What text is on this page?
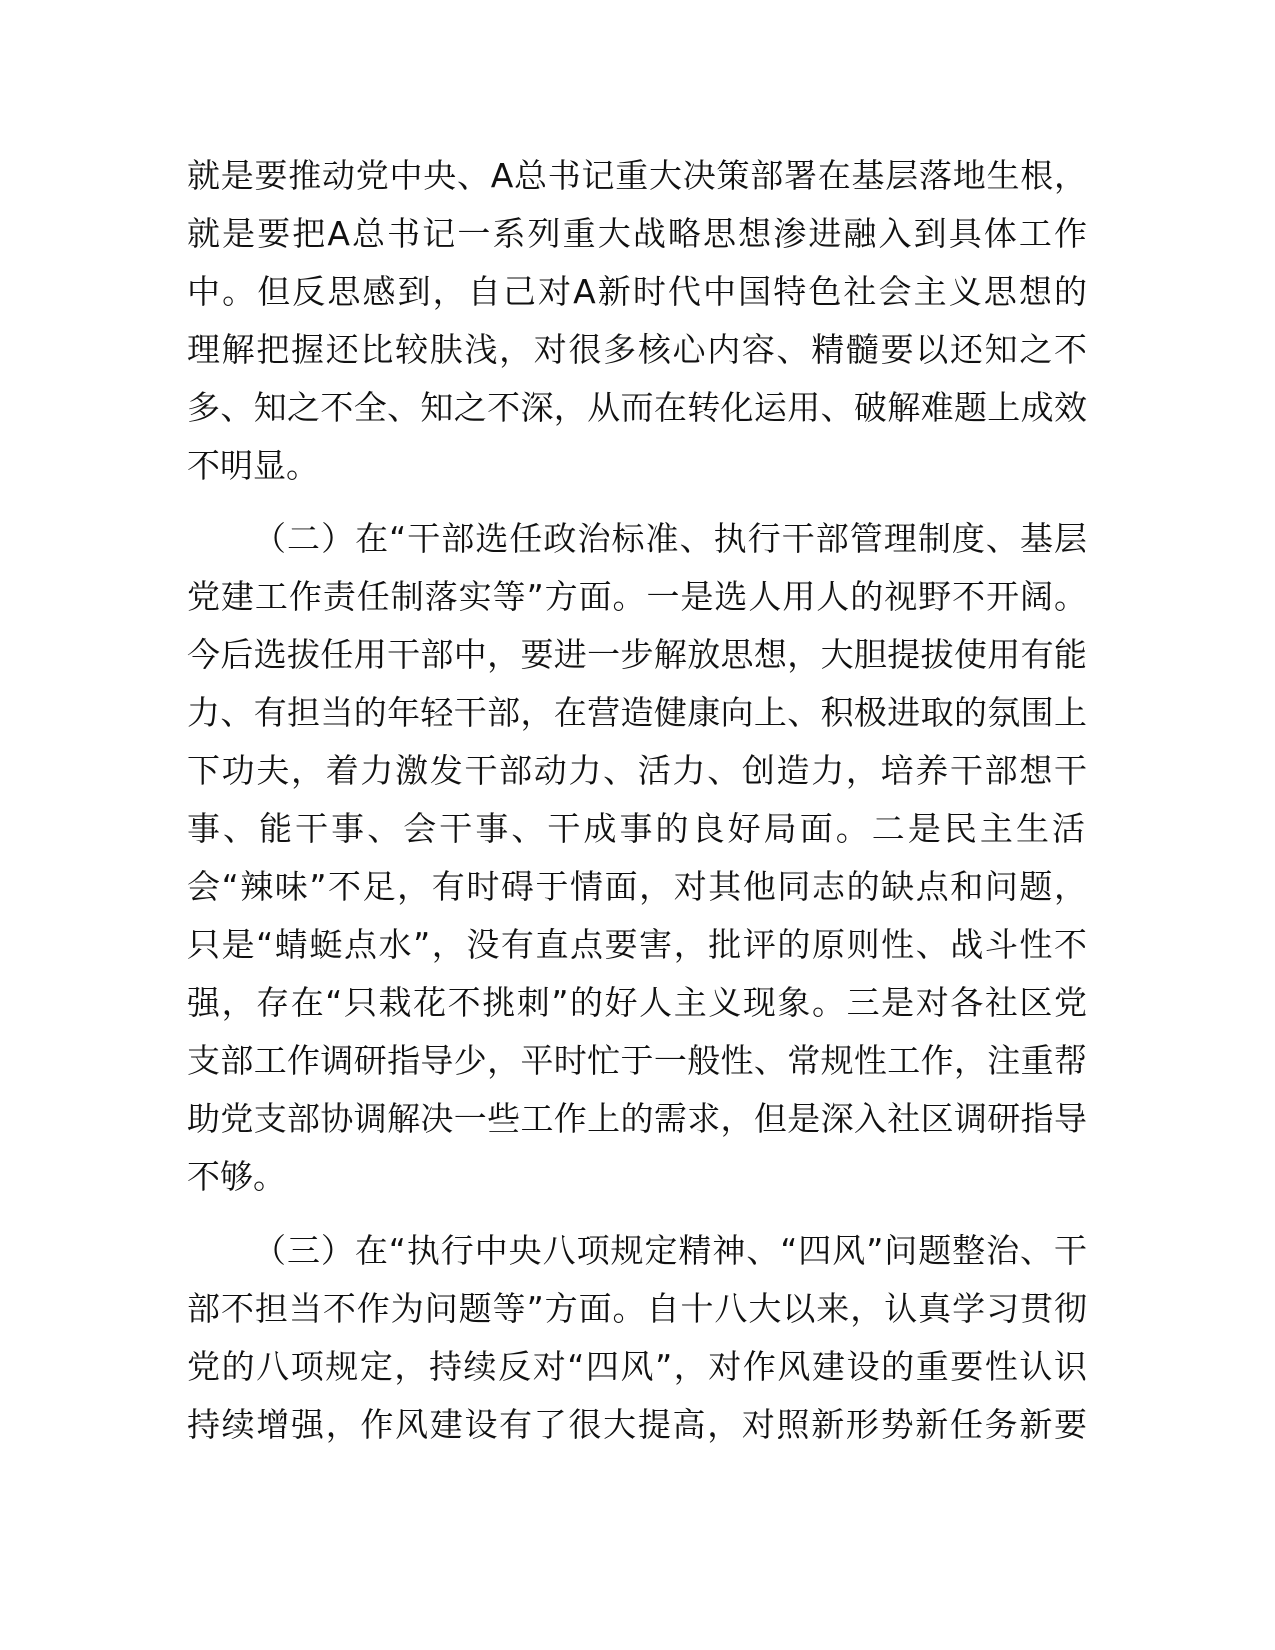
就是要推动党中央、A总书记重大决策部署在基层落地生根，
就是要把A总书记一系列重大战略思想渗进融入到具体工作
中。但反思感到，自己对A新时代中国特色社会主义思想的
理解把握还比较肤浅，对很多核心内容、精髓要以还知之不
多、知之不全、知之不深，从而在转化运用、破解难题上成效
不明显。
（二）在“干部选任政治标准、执行干部管理制度、基层
党建工作责任制落实等”方面。一是选人用人的视野不开阔。
今后选拔任用干部中，要进一步解放思想，大胆提拔使用有能
力、有担当的年轻干部，在营造健康向上、积极进取的氛围上
下功夫，着力激发干部动力、活力、创造力，培养干部想干
事、能干事、会干事、干成事的良好局面。二是民主生活
会“辣味”不足，有时碍于情面，对其他同志的缺点和问题，
只是“蜻蜓点水”，没有直点要害，批评的原则性、战斗性不
强，存在“只栽花不挑刺”的好人主义现象。三是对各社区党
支部工作调研指导少，平时忙于一般性、常规性工作，注重帮
助党支部协调解决一些工作上的需求，但是深入社区调研指导
不够。
（三）在“执行中央八项规定精神、“四风”问题整治、干
部不担当不作为问题等”方面。自十八大以来，认真学习贯彻
党的八项规定，持续反对“四风”，对作风建设的重要性认识
持续增强，作风建设有了很大提高，对照新形势新任务新要
